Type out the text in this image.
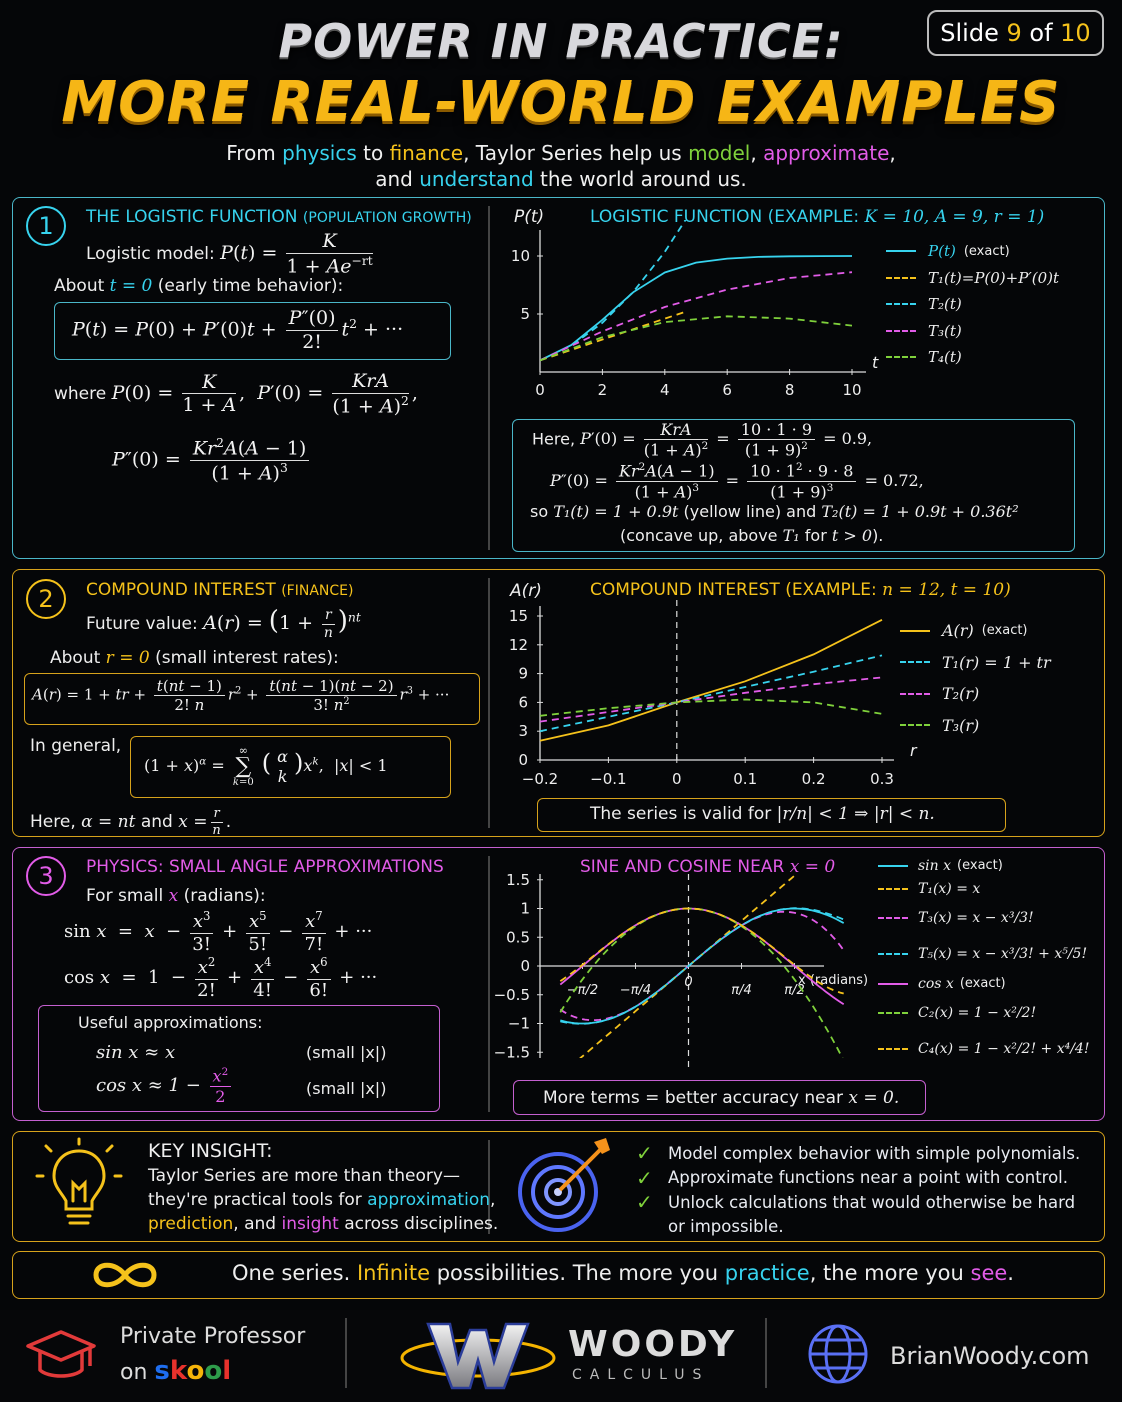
POWER IN PRACTICE:
MORE REAL-WORLD EXAMPLES
Slide 9 of 10
From physics to finance, Taylor Series help us model, approximate,
and understand the world around us.
1	THE LOGISTIC FUNCTION (POPULATION GROWTH)
Logistic model: $P(t) = \frac{K}{1 + Ae^{-rt}}$
About t = 0 (early time behavior):
$P(t) = P(0) + P'(0)t + \frac{P''(0)}{2!} t^2$ + ···
where $P(0) = \frac{K}{1 + A}$ ,  $P'(0) = \frac{\text{KrA}}{(1 + A)^2}$ ,
$P''(0) = \frac{Kr^2A(A - 1)}{(1 + A)^3}$
LOGISTIC FUNCTION (EXAMPLE: K = 10, A = 9, r = 1)
P(t)
t
0	2	4	6	8	10
5
10	P(t) (exact)
T₁(t)=P(0)+P′(0)t
T₂(t)
T₃(t)
T₄(t)
Here, $P'(0) = \frac{\text{KrA}}{(1 + A)^2} = \frac{10 \cdot 1 \cdot 9}{(1 + 9)^2} = 0.9$,
$P''(0) = \frac{Kr^2A(A - 1)}{(1 + A)^3} = \frac{10 \cdot 1^2 \cdot 9 \cdot 8}{(1 + 9)^3} = 0.72$,
so T₁(t) = 1 + 0.9t (yellow line) and T₂(t) = 1 + 0.9t + 0.36t²
(concave up, above T₁ for t > 0).
2	COMPOUND INTEREST (FINANCE)
Future value: $A(r) = (1 + \frac{r}{n} )^{nt}$
About r = 0 (small interest rates):
A(r) = 1 + tr + $\frac{t(nt - 1)}{2! n} r^2 + \frac{t(nt - 1)(nt - 2)}{3! n^2} r^3$ + ···
In general,
$(1 + x)^\alpha$ =
∞
∑
k=0
( α
k )$x^k$,  |x| < 1
Here, α = nt and $x = \frac{r}{n}$ .
COMPOUND INTEREST (EXAMPLE: n = 12, t = 10)
A(r)
r
−0.2 −0.1	0	0.1	0.2	0.3
0
3
6
9
12
15
A(r) (exact)
T₁(r) = 1 + tr
T₂(r)
T₃(r)
The series is valid for |r/n| < 1 ⇒ |r| < n.
3	PHYSICS: SMALL ANGLE APPROXIMATIONS
For small x (radians):
$\sin x = x - \frac{x^3}{3!} + \frac{x^5}{5!} - \frac{x^7}{7!}$ + ···
$\cos x = 1 - \frac{x^2}{2!} + \frac{x^4}{4!} - \frac{x^6}{6!}$ + ···
Useful approximations:
sin x ≈ x	(small |x|)
$\cos x \approx 1 - \frac{x^2}{2}$	(small |x|)
SINE AND COSINE NEAR x = 0
x (radians)
−1.5
−1
−0.5
0
0.5
1
1.5
−π/2 −π/4
0
π/4	π/2
sin x (exact)
T₁(x) = x
T₃(x) = x − x³/3!
T₅(x) = x − x³/3! + x⁵/5!
cos x (exact)
C₂(x) = 1 − x²/2!
C₄(x) = 1 − x²/2! + x⁴/4!
More terms = better accuracy near x = 0.
KEY INSIGHT:
Taylor Series are more than theory—
they're practical tools for approximation,
prediction, and insight across disciplines.
✓ Model complex behavior with simple polynomials.
✓ Approximate functions near a point with control.
✓ Unlock calculations that would otherwise be hard
or impossible.
One series. Infinite possibilities. The more you practice, the more you see.
Private Professor
on skool
WOODY
CALCULUS
BrianWoody.com
